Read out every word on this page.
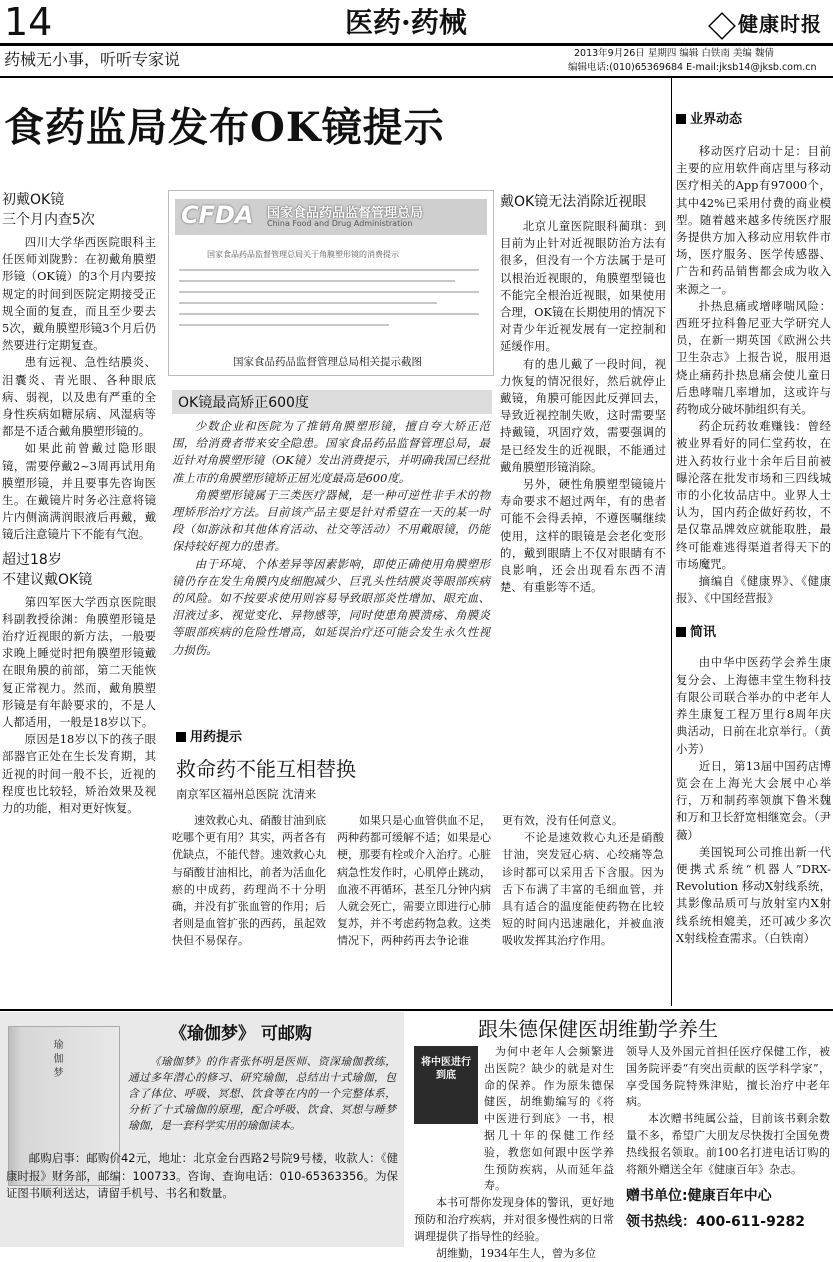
14	医药·药械	健康时报
药械无小事，听听专家说	2013年9月26日 星期四 编辑 白铁南 美编 魏倩
编辑电话:(010)65369684 E-mail:jksb14@jksb.com.cn
食药监局发布OK镜提示

初戴OK镜

三个月内查5次

四川大学华西医院眼科主任医师刘陇黔：在初戴角膜塑形镜（OK镜）的3个月内要按规定的时间到医院定期接受正规全面的复查，而且至少要去5次，戴角膜塑形镜3个月后仍然要进行定期复查。

患有远视、急性结膜炎、泪囊炎、青光眼、各种眼底病、弱视，以及患有严重的全身性疾病如糖尿病、风湿病等都是不适合戴角膜塑形镜的。

如果此前曾戴过隐形眼镜，需要停戴2~3周再试用角膜塑形镜，并且要事先咨询医生。在戴镜片时务必注意将镜片内侧滴满润眼液后再戴，戴镜后注意镜片下不能有气泡。

超过18岁

不建议戴OK镜

第四军医大学西京医院眼科副教授徐渊：角膜塑形镜是治疗近视眼的新方法，一般要求晚上睡觉时把角膜塑形镜戴在眼角膜的前部，第二天能恢复正常视力。然而，戴角膜塑形镜是有年龄要求的，不是人人都适用，一般是18岁以下。

原因是18岁以下的孩子眼部器官正处在生长发育期，其近视的时间一般不长，近视的程度也比较轻，矫治效果及视力的功能，相对更好恢复。

CFDA 国家食品药品监督管理总局
China Food and Drug Administration
国家食品药品监督管理总局关于角膜塑形镜的消费提示
国家食品药品监督管理总局相关提示截图
OK镜最高矫正600度

少数企业和医院为了推销角膜塑形镜，擅自夸大矫正范围，给消费者带来安全隐患。国家食品药品监督管理总局，最近针对角膜塑形镜（OK镜）发出消费提示，并明确我国已经批准上市的角膜塑形镜矫正屈光度最高是600度。

角膜塑形镜属于三类医疗器械，是一种可逆性非手术的物理矫形治疗方法。目前该产品主要是针对希望在一天的某一时段（如游泳和其他体育活动、社交等活动）不用戴眼镜，仍能保持较好视力的患者。

由于环境、个体差异等因素影响，即使正确使用角膜塑形镜仍存在发生角膜内皮细胞减少、巨乳头性结膜炎等眼部疾病的风险。如不按要求使用则容易导致眼部炎性增加、眼充血、泪液过多、视觉变化、异物感等，同时使患角膜溃疡、角膜炎等眼部疾病的危险性增高，如延误治疗还可能会发生永久性视力损伤。

戴OK镜无法消除近视眼

北京儿童医院眼科蔺琪：到目前为止针对近视眼防治方法有很多，但没有一个方法属于是可以根治近视眼的，角膜塑型镜也不能完全根治近视眼，如果使用合理，OK镜在长期使用的情况下对青少年近视发展有一定控制和延缓作用。

有的患儿戴了一段时间，视力恢复的情况很好，然后就停止戴镜，角膜可能因此反弹回去，导致近视控制失败，这时需要坚持戴镜，巩固疗效，需要强调的是已经发生的近视眼，不能通过戴角膜塑形镜消除。

另外，硬性角膜塑型镜镜片寿命要求不超过两年，有的患者可能不会得丢掉，不遵医嘱继续使用，这样的眼镜是会老化变形的，戴到眼睛上不仅对眼睛有不良影响，还会出现看东西不清楚、有重影等不适。

业界动态

移动医疗启动十足：目前主要的应用软件商店里与移动医疗相关的App有97000个，其中42%已采用付费的商业模型。随着越来越多传统医疗服务提供方加入移动应用软件市场，医疗服务、医学传感器、广告和药品销售都会成为收入来源之一。

扑热息痛或增哮喘风险：西班牙拉科鲁尼亚大学研究人员，在新一期英国《欧洲公共卫生杂志》上报告说，服用退烧止痛药扑热息痛会使儿童日后患哮喘几率增加，这或许与药物成分破坏肺组织有关。

药企玩药妆难赚钱：曾经被业界看好的同仁堂药妆，在进入药妆行业十余年后目前被曝沦落在批发市场和三四线城市的小化妆品店中。业界人士认为，国内药企做好药妆，不是仅靠品牌效应就能取胜，最终可能难逃得渠道者得天下的市场魔咒。

摘编自《健康界》、《健康报》、《中国经营报》

简讯

由中华中医药学会养生康复分会、上海德丰堂生物科技有限公司联合举办的中老年人养生康复工程万里行8周年庆典活动，日前在北京举行。（黄小芳）

近日，第13届中国药店博览会在上海光大会展中心举行，万和制药率领旗下鲁米魏和万和卫长舒宽相继宽会。（尹薇）

美国锐珂公司推出新一代便携式系统“机器人”DRX-Revolution 移动X射线系统，其影像品质可与放射室内X射线系统相媲美，还可减少多次X射线检查需求。（白铁南）

用药提示
救命药不能互相替换
南京军区福州总医院 沈清来

速效救心丸、硝酸甘油到底吃哪个更有用？其实，两者各有优缺点，不能代替。速效救心丸与硝酸甘油相比，前者为活血化瘀的中成药，药理尚不十分明确，并没有扩张血管的作用；后者则是血管扩张的西药，虽起效快但不易保存。

如果只是心血管供血不足，两种药都可缓解不适；如果是心梗，那要有栓或介入治疗。心脏病急性发作时，心肌停止跳动，血液不再循环，甚至几分钟内病人就会死亡，需要立即进行心肺复苏，并不考虑药物急救。这类情况下，两种药再去争论谁

更有效，没有任何意义。

不论是速效救心丸还是硝酸甘油，突发冠心病、心绞痛等急诊时都可以采用舌下含服。因为舌下布满了丰富的毛细血管，并具有适合的温度能使药物在比较短的时间内迅速融化，并被血液吸收发挥其治疗作用。

瑜伽梦
《瑜伽梦》 可邮购
《瑜伽梦》的作者张怀明是医师、资深瑜伽教练，通过多年潜心的修习、研究瑜伽，总结出十式瑜伽，包含了体位、呼吸、冥想、饮食等在内的一个完整体系，分析了十式瑜伽的原理，配合呼吸、饮食、冥想与睡梦瑜伽，是一套科学实用的瑜伽读本。
邮购启事：邮购价42元，地址：北京金台西路2号院9号楼，收款人：《健康时报》财务部，邮编：100733。咨询、查询电话：010-65363356。为保证图书顺利送达，请留手机号、书名和数量。
跟朱德保健医胡维勤学养生
将中医进行到底

为何中老年人会频繁进出医院？缺少的就是对生命的保养。作为原朱德保健医，胡维勤编写的《将中医进行到底》一书，根据几十年的保健工作经验，教您如何跟中医学养生预防疾病，从而延年益寿。

本书可帮你发现身体的警讯，更好地预防和治疗疾病，并对很多慢性病的日常调理提供了指导性的经验。

胡维勤，1934年生人，曾为多位

领导人及外国元首担任医疗保健工作，被国务院评委“有突出贡献的医学科学家”，享受国务院特殊津贴，擅长治疗中老年病。

本次赠书纯属公益，目前该书剩余数量不多，希望广大朋友尽快拨打全国免费热线报名领取。前100名打进电话订购的将额外赠送全年《健康百年》杂志。

赠书单位:健康百年中心

领书热线：400-611-9282
